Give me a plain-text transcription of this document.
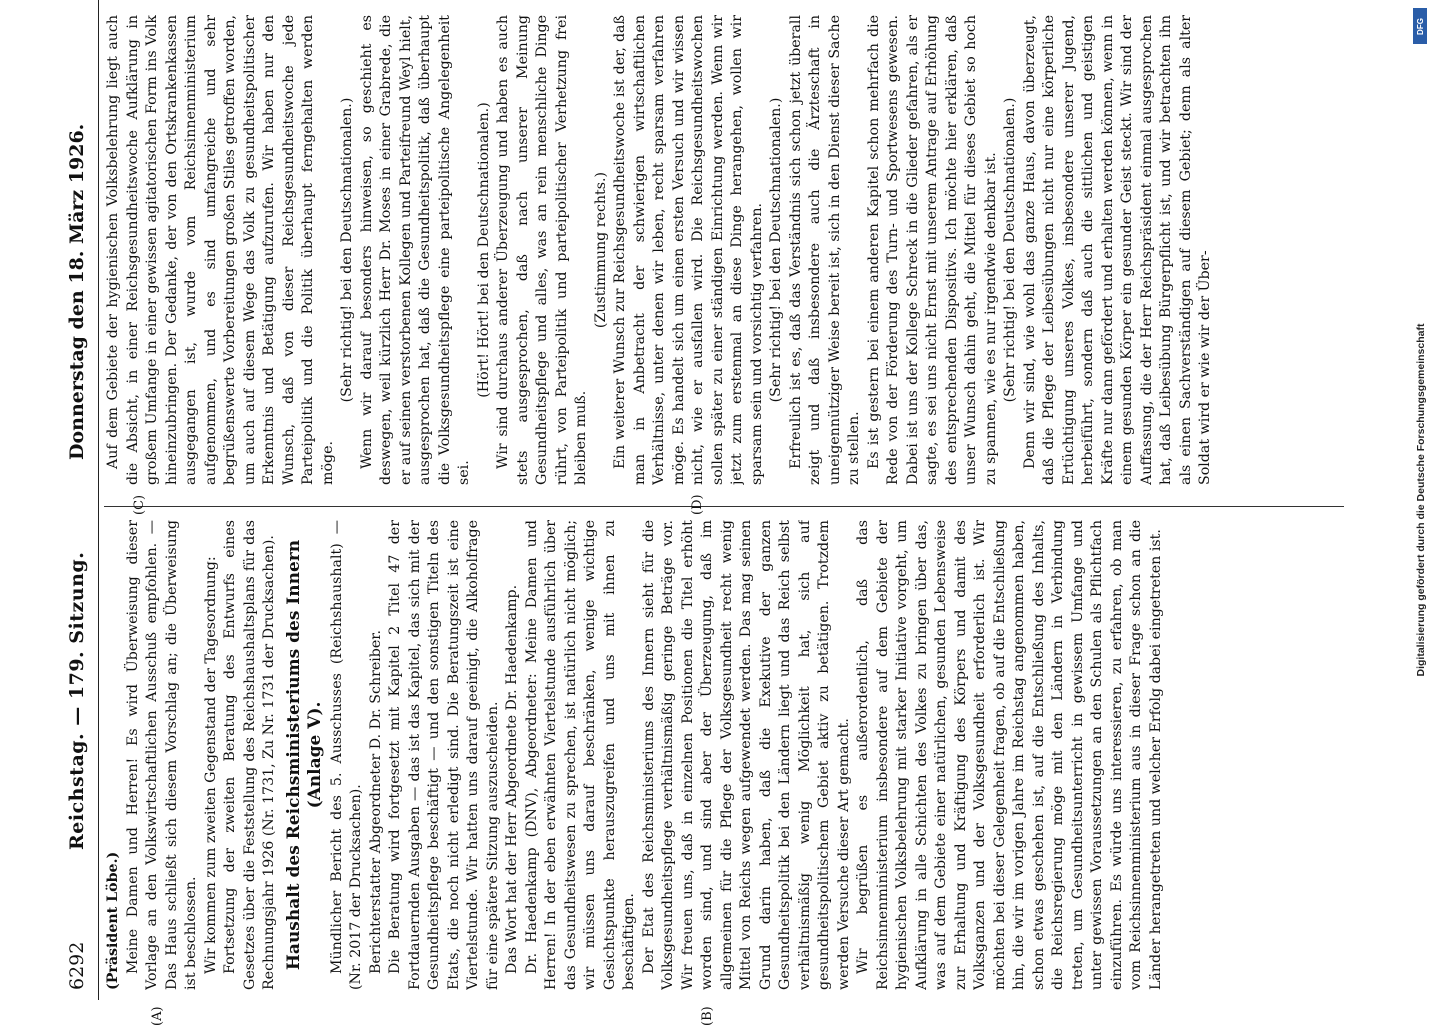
6292
Reichstag. — 179. Sitzung.
Donnerstag den 18. März 1926.

(Präsident Löbe.) Meine Damen und Herren! Es wird Überweisung dieser Vorlage an den Volkswirtschaftlichen Ausschuß empfohlen. — Das Haus schließt sich diesem Vorschlag an; die Überweisung ist beschlossen. Wir kommen zum zweiten Gegenstand der Tagesordnung: Fortsetzung der zweiten Beratung des Entwurfs eines Gesetzes über die Feststellung des Reichshaushaltsplans für das Rechnungsjahr 1926 (Nr. 1731, Zu Nr. 1731 der Drucksachen). Haushalt des Reichsministeriums des Innern (Anlage V). Mündlicher Bericht des 5. Ausschusses (Reichshaushalt) — (Nr. 2017 der Drucksachen). Berichterstatter Abgeordneter D. Dr. Schreiber. Die Beratung wird fortgesetzt mit Kapitel 2 Titel 47 der Fortdauernden Ausgaben — das ist das Kapitel, das sich mit der Gesundheitspflege beschäftigt — und den sonstigen Titeln des Etats, die noch nicht erledigt sind. Die Beratungszeit ist eine Viertelstunde. Wir hatten uns darauf geeinigt, die Alkoholfrage für eine spätere Sitzung auszuscheiden. Das Wort hat der Herr Abgeordnete Dr. Haedenkamp. Dr. Haedenkamp (DNV), Abgeordneter: Meine Damen und Herren! In der eben erwähnten Viertelstunde ausführlich über das Gesundheitswesen zu sprechen, ist natürlich nicht möglich; wir müssen uns darauf beschränken, wenige wichtige Gesichtspunkte herauszugreifen und uns mit ihnen zu beschäftigen. Der Etat des Reichsministeriums des Innern sieht für die Volksgesundheitspflege verhältnismäßig geringe Beträge vor. Wir freuen uns, daß in einzelnen Positionen die Titel erhöht worden sind, und sind aber der Überzeugung, daß im allgemeinen für die Pflege der Volksgesundheit recht wenig Mittel von Reichs wegen aufgewendet werden. Das mag seinen Grund darin haben, daß die Exekutive der ganzen Gesundheitspolitik bei den Ländern liegt und das Reich selbst verhältnismäßig wenig Möglichkeit hat, sich auf gesundheitspolitischem Gebiet aktiv zu betätigen. Trotzdem werden Versuche dieser Art gemacht. Wir begrüßen es außerordentlich, daß das Reichsinnenministerium insbesondere auf dem Gebiete der hygienischen Volksbelehrung mit starker Initiative vorgeht, um Aufklärung in alle Schichten des Volkes zu bringen über das, was auf dem Gebiete einer natürlichen, gesunden Lebensweise zur Erhaltung und Kräftigung des Körpers und damit des Volksganzen und der Volksgesundheit erforderlich ist. Wir möchten bei dieser Gelegenheit fragen, ob auf die Entschließung hin, die wir im vorigen Jahre im Reichstag angenommen haben, schon etwas geschehen ist, auf die Entschließung des Inhalts, die Reichsregierung möge mit den Ländern in Verbindung treten, um Gesundheitsunterricht in gewissem Umfange und unter gewissen Voraussetzungen an den Schulen als Pflichtfach einzuführen. Es würde uns interessieren, zu erfahren, ob man vom Reichsinnenministerium aus in dieser Frage schon an die Länder herangetreten und welcher Erfolg dabei eingetreten ist.

Auf dem Gebiete der hygienischen Volksbelehrung liegt auch die Absicht, in einer Reichsgesundheitswoche Aufklärung in großem Umfange in einer gewissen agitatorischen Form ins Volk hineinzubringen. Der Gedanke, der von den Ortskrankenkassen ausgegangen ist, wurde vom Reichsinnenministerium aufgenommen, und es sind umfangreiche und sehr begrüßenswerte Vorbereitungen großen Stiles getroffen worden, um auch auf diesem Wege das Volk zu gesundheitspolitischer Erkenntnis und Betätigung aufzurufen. Wir haben nur den Wunsch, daß von dieser Reichsgesundheitswoche jede Parteipolitik und die Politik überhaupt ferngehalten werden möge.

(Sehr richtig! bei den Deutschnationalen.) Wenn wir darauf besonders hinweisen, so geschieht es deswegen, weil kürzlich Herr Dr. Moses in einer Grabrede, die er auf seinen verstorbenen Kollegen und Parteifreund Weyl hielt, ausgesprochen hat, daß die Gesundheitspolitik, daß überhaupt die Volksgesundheitspflege eine parteipolitische Angelegenheit sei.

(Hört! Hört! bei den Deutschnationalen.) Wir sind durchaus anderer Überzeugung und haben es auch stets ausgesprochen, daß nach unserer Meinung Gesundheitspflege und alles, was an rein menschliche Dinge rührt, von Parteipolitik und parteipolitischer Verhetzung frei bleiben muß.

(Zustimmung rechts.) Ein weiterer Wunsch zur Reichsgesundheitswoche ist der, daß man in Anbetracht der schwierigen wirtschaftlichen Verhältnisse, unter denen wir leben, recht sparsam verfahren möge. Es handelt sich um einen ersten Versuch und wir wissen nicht, wie er ausfallen wird. Die Reichsgesundheitswochen sollen später zu einer ständigen Einrichtung werden. Wenn wir jetzt zum erstenmal an diese Dinge herangehen, wollen wir sparsam sein und vorsichtig verfahren. (Sehr richtig! bei den Deutschnationalen.) Erfreulich ist es, daß das Verständnis sich schon jetzt überall zeigt und daß insbesondere auch die Ärzteschaft in uneigennütziger Weise bereit ist, sich in den Dienst dieser Sache zu stellen. Es ist gestern bei einem anderen Kapitel schon mehrfach die Rede von der Förderung des Turn- und Sportwesens gewesen. Dabei ist uns der Kollege Schreck in die Glieder gefahren, als er sagte, es sei uns nicht Ernst mit unserem Antrage auf Erhöhung des entsprechenden Dispositivs. Ich möchte hier erklären, daß unser Wunsch dahin geht, die Mittel für dieses Gebiet so hoch zu spannen, wie es nur irgendwie denkbar ist. (Sehr richtig! bei den Deutschnationalen.) Denn wir sind, wie wohl das ganze Haus, davon überzeugt, daß die Pflege der Leibesübungen nicht nur eine körperliche Ertüchtigung unseres Volkes, insbesondere unserer Jugend, herbeiführt, sondern daß auch die sittlichen und geistigen Kräfte nur dann gefördert und erhalten werden können, wenn in einem gesunden Körper ein gesunder Geist steckt. Wir sind der Auffassung, die der Herr Reichspräsident einmal ausgesprochen hat, daß Leibesübung Bürgerpflicht ist, und wir betrachten ihn als einen Sachverständigen auf diesem Gebiet; denn als alter Soldat wird er wie wir der Über-

(A)	(B)
(C)	(D)
DFG
Digitalisierung gefördert durch die Deutsche Forschungsgemeinschaft
